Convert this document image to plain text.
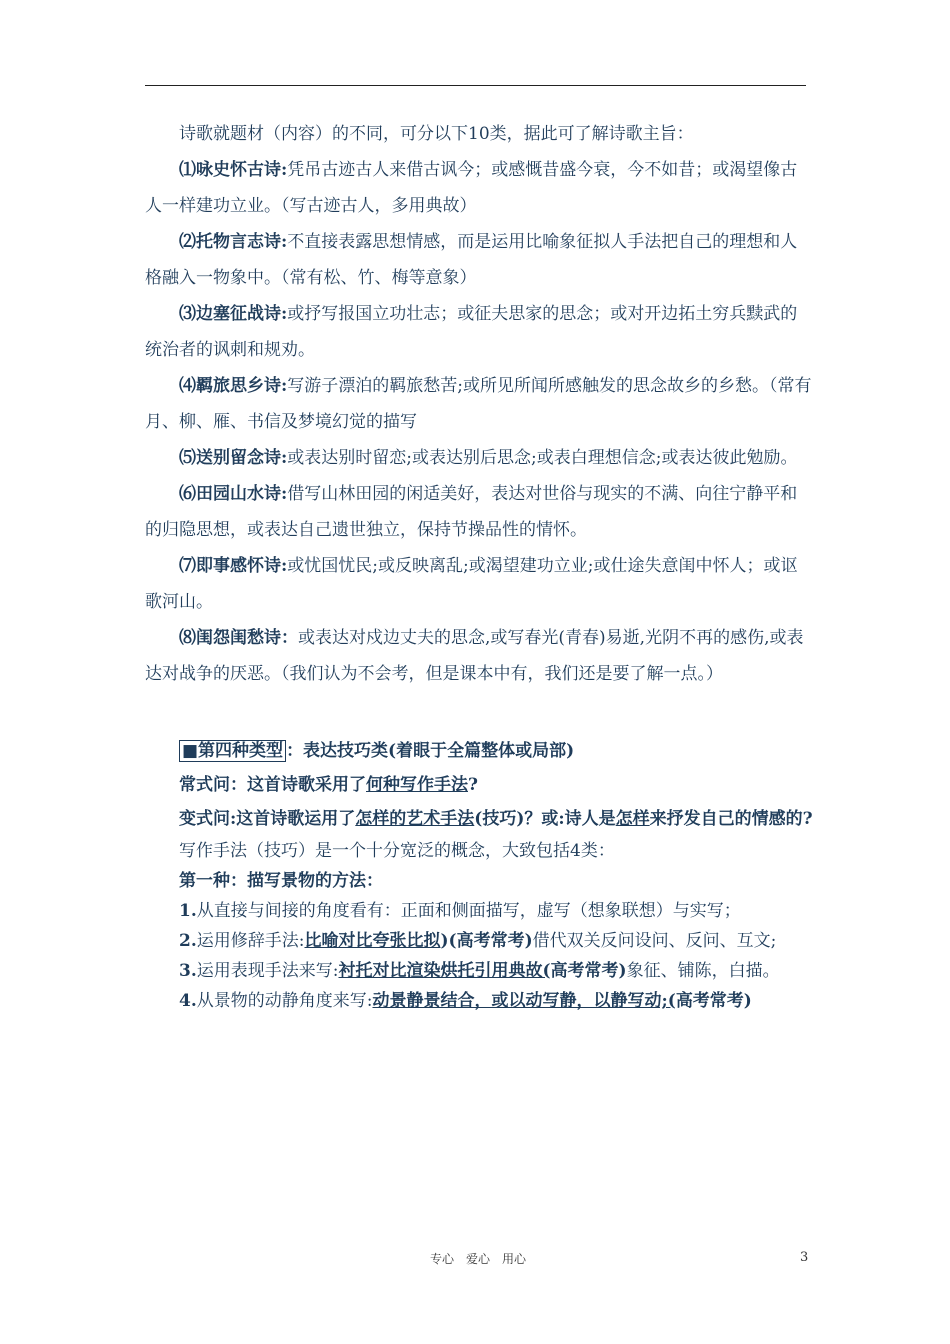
诗歌就题材（内容）的不同，可分以下10类，据此可了解诗歌主旨：

⑴咏史怀古诗:凭吊古迹古人来借古讽今；或感慨昔盛今衰，今不如昔；或渴望像古人一样建功立业。（写古迹古人，多用典故）

⑵托物言志诗:不直接表露思想情感，而是运用比喻象征拟人手法把自己的理想和人格融入一物象中。（常有松、竹、梅等意象）

⑶边塞征战诗:或抒写报国立功壮志；或征夫思家的思念；或对开边拓土穷兵黩武的统治者的讽刺和规劝。

⑷羁旅思乡诗:写游子漂泊的羁旅愁苦;或所见所闻所感触发的思念故乡的乡愁。（常有月、柳、雁、书信及梦境幻觉的描写

⑸送别留念诗:或表达别时留恋;或表达别后思念;或表白理想信念;或表达彼此勉励。

⑹田园山水诗:借写山林田园的闲适美好，表达对世俗与现实的不满、向往宁静平和的归隐思想，或表达自己遗世独立，保持节操品性的情怀。

⑺即事感怀诗:或忧国忧民;或反映离乱;或渴望建功立业;或仕途失意闺中怀人；或讴歌河山。

⑻闺怨闺愁诗：或表达对戍边丈夫的思念,或写春光(青春)易逝,光阴不再的感伤,或表达对战争的厌恶。（我们认为不会考，但是课本中有，我们还是要了解一点。）

■第四种类型 ：表达技巧类(着眼于全篇整体或局部)

常式问：这首诗歌采用了何种写作手法?

变式问:这首诗歌运用了怎样的艺术手法(技巧)？或:诗人是怎样来抒发自己的情感的?

写作手法（技巧）是一个十分宽泛的概念，大致包括4类：

第一种：描写景物的方法：

1.从直接与间接的角度看有：正面和侧面描写，虚写（想象联想）与实写；

2.运用修辞手法:比喻对比夸张比拟)(高考常考)借代双关反问设问、反问、互文;

3.运用表现手法来写:衬托对比渲染烘托引用典故(高考常考)象征、铺陈，白描。

4.从景物的动静角度来写:动景静景结合，或以动写静，以静写动;(高考常考)

专心　爱心　用心	3
